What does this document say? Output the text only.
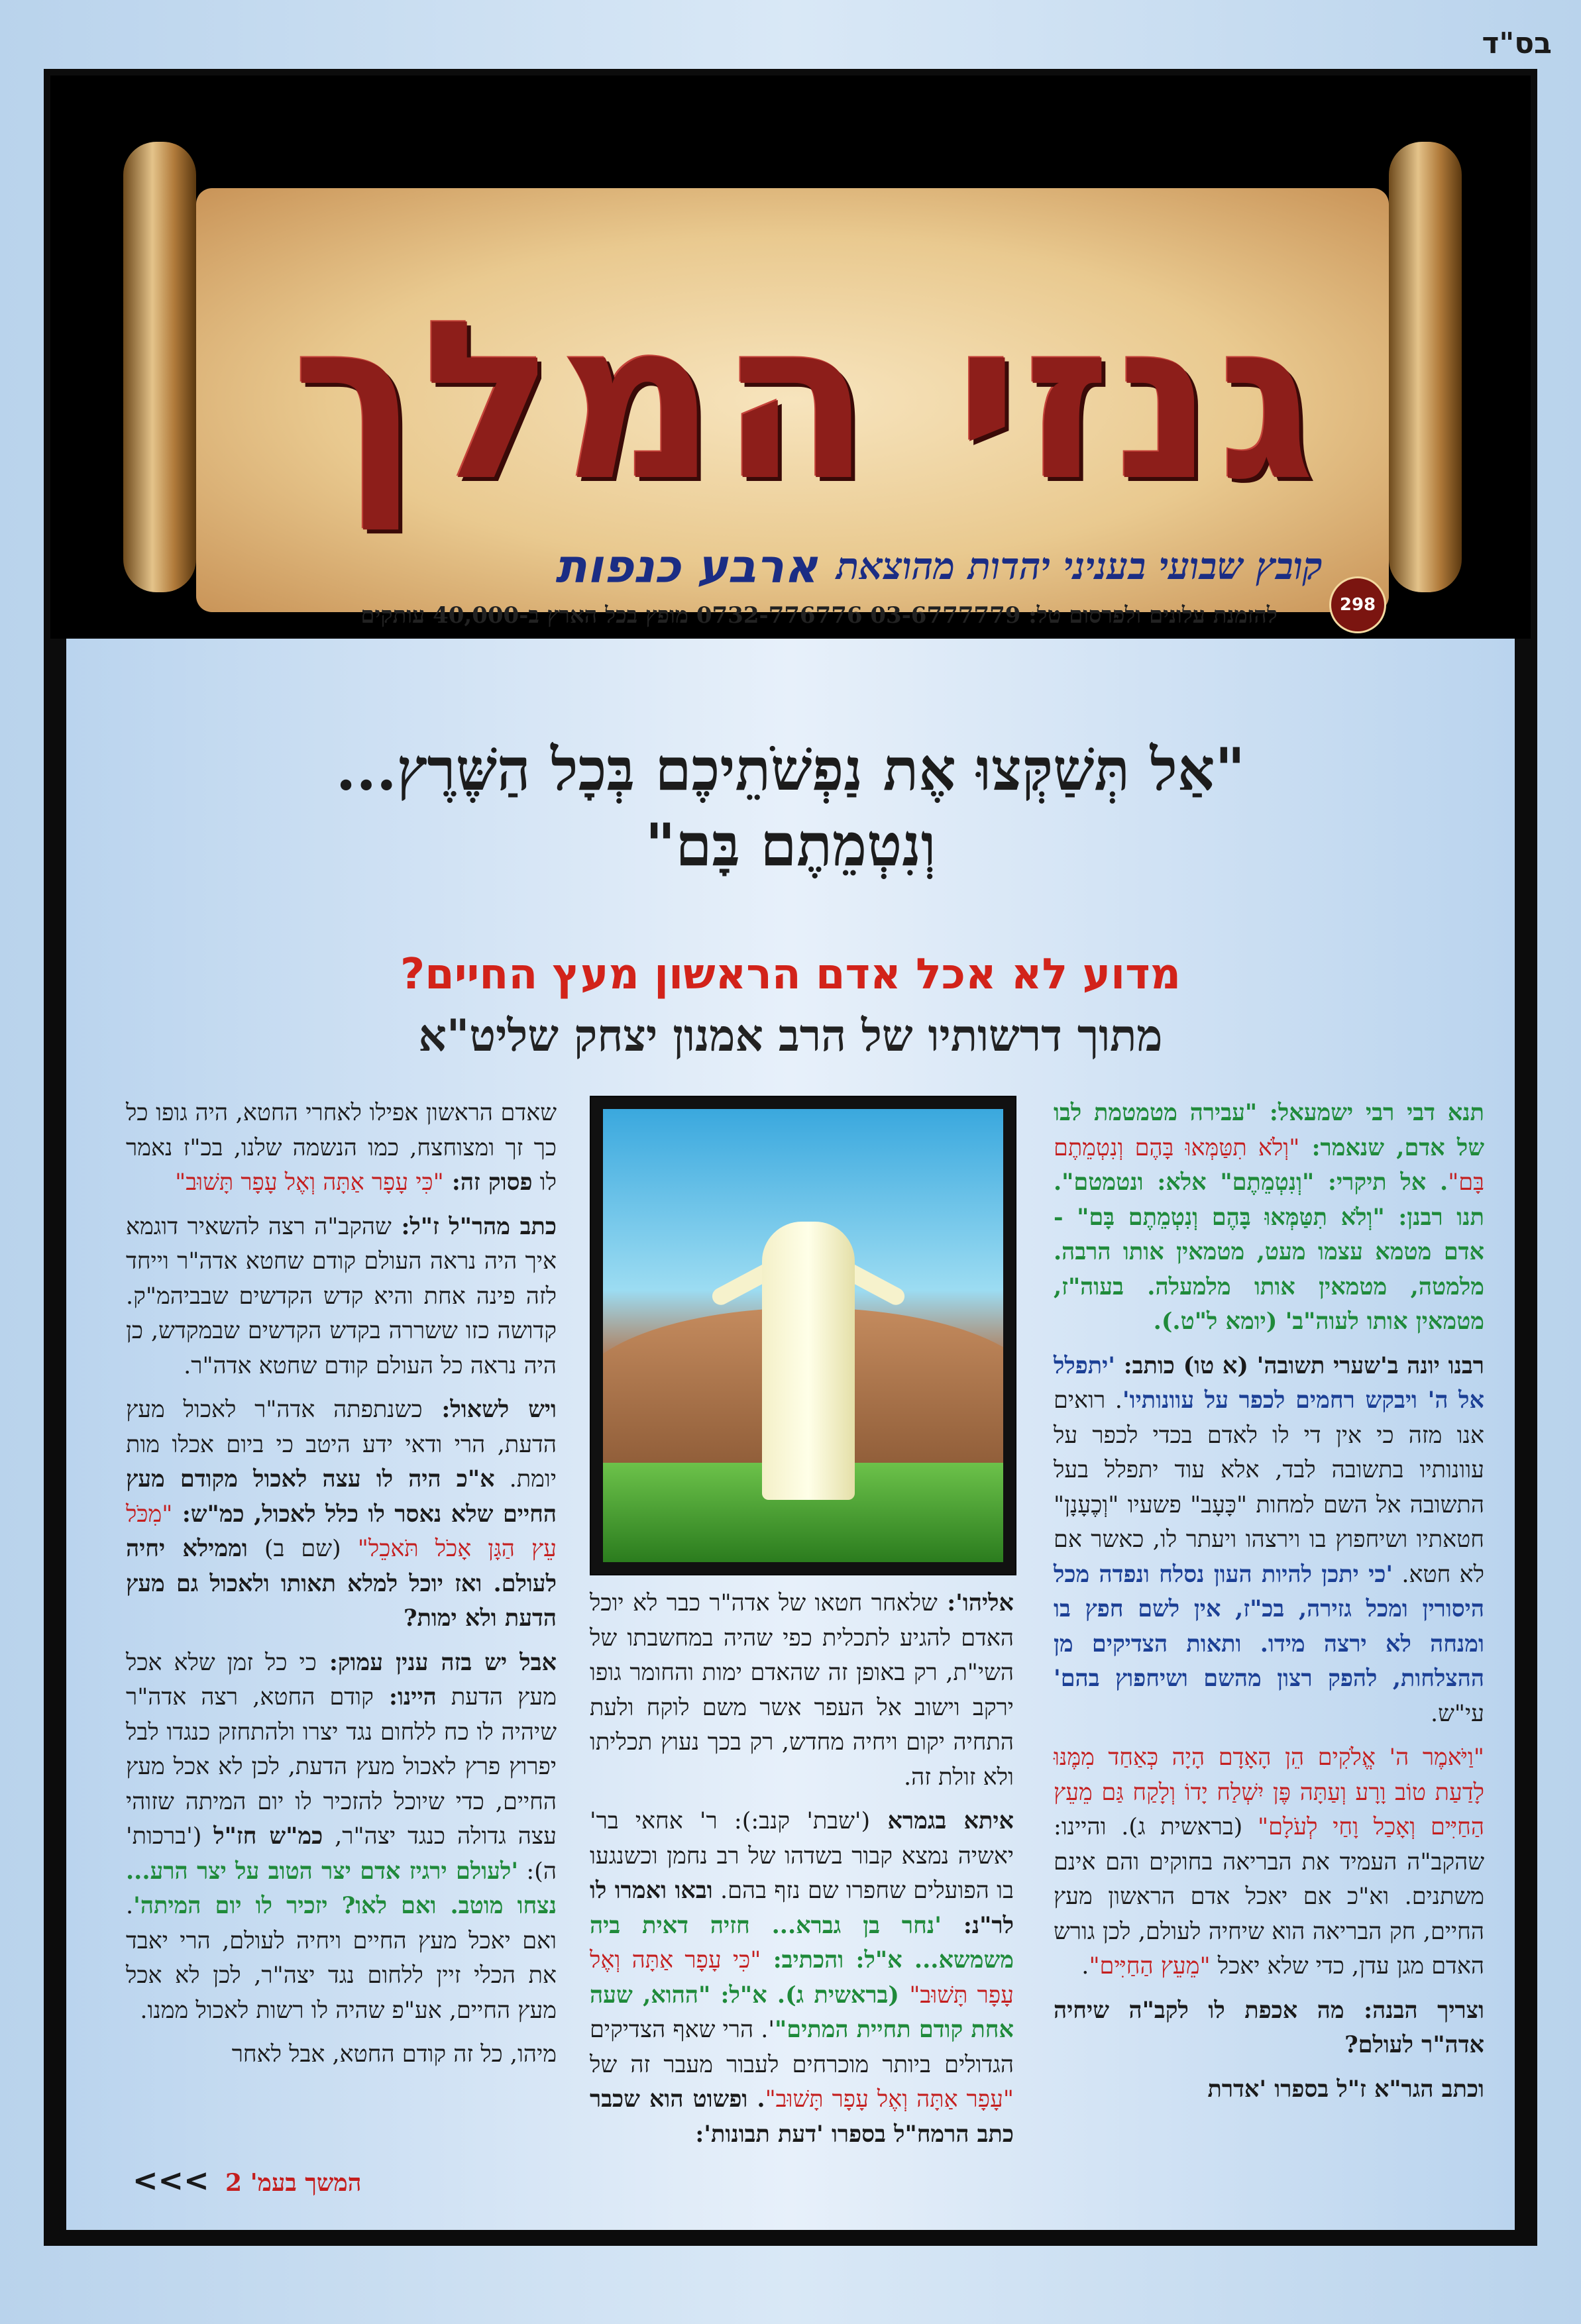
בס"ד
גנזי המלך
298
קובץ שבועי בעניני יהדות מהוצאת
ארבע כנפות
להזמנת עלונים ולפרסום טל: 03-6777779 0732-776776 מופץ בכל הארץ ב-40,000 עותקים
"אַל תְּשַׁקְּצוּ אֶת נַפְשֹׁתֵיכֶם בְּכָל הַשֶּׁרֶץ...
וְנִטְמֵתֶם בָּם"
מדוע לא אכל אדם הראשון מעץ החיים?
מתוך דרשותיו של הרב אמנון יצחק שליט"א

תנא דבי רבי ישמעאל: "עבירה מטמטמת לבו של אדם, שנאמר: "וְלֹא תִטַּמְּאוּ בָּהֶם וְנִטְמֵתֶם בָּם". אל תיקרי: "וְנִטְמֵתֶם" אלא: ונטמטם". תנו רבנן: "וְלֹא תִטַּמְּאוּ בָּהֶם וְנִטְמֵתֶם בָּם" - אדם מטמא עצמו מעט, מטמאין אותו הרבה. מלמטה, מטמאין אותו מלמעלה. בעוה"ז, מטמאין אותו לעוה"ב' (יומא ל"ט.).

רבנו יונה ב'שערי תשובה' (א טו) כותב: 'יתפלל אל ה' ויבקש רחמים לכפר על עוונותיו'. רואים אנו מזה כי אין די לו לאדם בכדי לכפר על עוונותיו בתשובה לבד, אלא עוד יתפלל בעל התשובה אל השם למחות "כָּעָב" פשעיו "וְכֶעָנָן" חטאתיו ושיחפוץ בו וירצהו ויעתר לו, כאשר אם לא חטא. 'כי יתכן להיות העון נסלח ונפדה מכל היסורין ומכל גזירה, בכ"ז, אין לשם חפץ בו ומנחה לא ירצה מידו. ותאות הצדיקים מן ההצלחות, להפק רצון מהשם ושיחפוץ בהם' עי"ש.

"וַיֹּאמֶר ה' אֱלֹקִים הֵן הָאָדָם הָיָה כְּאַחַד מִמֶּנּוּ לָדַעַת טוֹב וָרָע וְעַתָּה פֶּן יִשְׁלַח יָדוֹ וְלָקַח גַּם מֵעֵץ הַחַיִּים וְאָכַל וָחַי לְעֹלָם" (בראשית ג). והיינו: שהקב"ה העמיד את הבריאה בחוקים והם אינם משתנים. וא"כ אם יאכל אדם הראשון מעץ החיים, חק הבריאה הוא שיחיה לעולם, לכן גורש האדם מגן עדן, כדי שלא יאכל "מֵעֵץ הַחַיִּים".

וצריך הבנה: מה אכפת לו לקב"ה שיחיה אדה"ר לעולם?

וכתב הגר"א ז"ל בספרו 'אדרת

אליהו': שלאחר חטאו של אדה"ר כבר לא יוכל האדם להגיע לתכלית כפי שהיה במחשבתו של השי"ת, רק באופן זה שהאדם ימות והחומר גופו ירקב וישוב אל העפר אשר משם לוקח ולעת התחיה יקום ויחיה מחדש, רק בכך נעוץ תכליתו ולא זולת זה.

איתא בגמרא ('שבת' קנב:): ר' אחאי בר' יאשיה נמצא קבור בשדהו של רב נחמן וכשנגעו בו הפועלים שחפרו שם נזף בהם. ובאו ואמרו לו לר"נ: 'נחר בן גברא... חזיה דאית ביה משמשא... א"ל: והכתיב: "כִּי עָפָר אַתָּה וְאֶל עָפָר תָּשׁוּב" (בראשית ג). א"ל: "ההוא, שעה אחת קודם תחיית המתים"'. הרי שאף הצדיקים הגדולים ביותר מוכרחים לעבור מעבר זה של "עָפָר אַתָּה וְאֶל עָפָר תָּשׁוּב". ופשוט הוא שכבר כתב הרמח"ל בספרו 'דעת תבונות':

שאדם הראשון אפילו לאחרי החטא, היה גופו כל כך זך ומצוחצח, כמו הנשמה שלנו, בכ"ז נאמר לו פסוק זה: "כִּי עָפָר אַתָּה וְאֶל עָפָר תָּשׁוּב"

כתב מהר"ל ז"ל: שהקב"ה רצה להשאיר דוגמא איך היה נראה העולם קודם שחטא אדה"ר וייחד לזה פינה אחת והיא קדש הקדשים שבביהמ"ק. קדושה כזו ששררה בקדש הקדשים שבמקדש, כן היה נראה כל העולם קודם שחטא אדה"ר.

ויש לשאול: כשנתפתה אדה"ר לאכול מעץ הדעת, הרי ודאי ידע היטב כי ביום אכלו מות יומת. א"כ היה לו עצה לאכול מקודם מעץ החיים שלא נאסר לו כלל לאכול, כמ"ש: "מִכֹּל עֵץ הַגָּן אָכֹל תֹּאכֵל" (שם ב) וממילא יחיה לעולם. ואז יוכל למלא תאותו ולאכול גם מעץ הדעת ולא ימות?

אבל יש בזה ענין עמוק: כי כל זמן שלא אכל מעץ הדעת היינו: קודם החטא, רצה אדה"ר שיהיה לו כח ללחום נגד יצרו ולהתחזק כנגדו לבל יפרוץ פרץ לאכול מעץ הדעת, לכן לא אכל מעץ החיים, כדי שיוכל להזכיר לו יום המיתה שזוהי עצה גדולה כנגד יצה"ר, כמ"ש חז"ל ('ברכות' ה): 'לעולם ירגיז אדם יצר הטוב על יצר הרע... נצחו מוטב. ואם לאו? יזכיר לו יום המיתה'. ואם יאכל מעץ החיים ויחיה לעולם, הרי יאבד את הכלי זיין ללחום נגד יצה"ר, לכן לא אכל מעץ החיים, אע"פ שהיה לו רשות לאכול ממנו.

מיהו, כל זה קודם החטא, אבל לאחר

<<< המשך בעמ' 2
